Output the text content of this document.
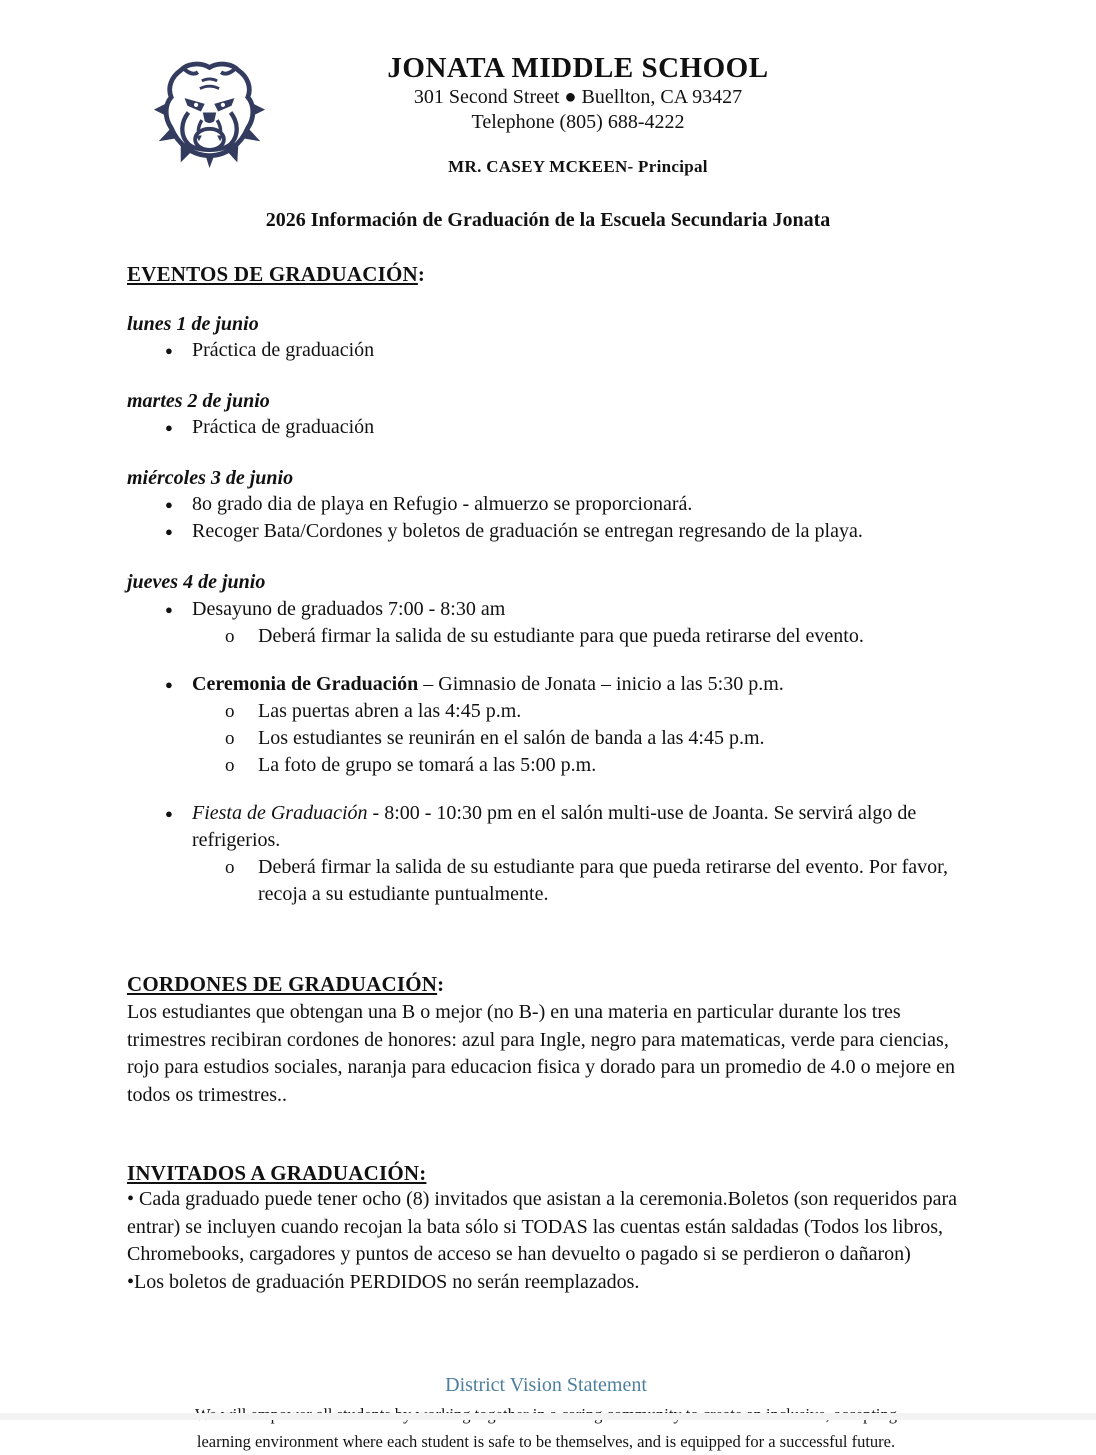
JONATA MIDDLE SCHOOL
301 Second Street ● Buellton, CA 93427
Telephone (805) 688-4222
MR. CASEY MCKEEN- Principal
2026 Información de Graduación de la Escuela Secundaria Jonata
EVENTOS DE GRADUACIÓN:
lunes 1 de junio
● Práctica de graduación
martes 2 de junio
● Práctica de graduación
miércoles 3 de junio
● 8o grado dia de playa en Refugio - almuerzo se proporcionará.
● Recoger Bata/Cordones y boletos de graduación se entregan regresando de la playa.
jueves 4 de junio
● Desayuno de graduados 7:00 - 8:30 am
o	Deberá firmar la salida de su estudiante para que pueda retirarse del evento.
● Ceremonia de Graduación – Gimnasio de Jonata – inicio a las 5:30 p.m.
o	Las puertas abren a las 4:45 p.m.
o	Los estudiantes se reunirán en el salón de banda a las 4:45 p.m.
o	La foto de grupo se tomará a las 5:00 p.m.
● Fiesta de Graduación - 8:00 - 10:30 pm en el salón multi-use de Joanta. Se servirá algo de refrigerios.
o	Deberá firmar la salida de su estudiante para que pueda retirarse del evento. Por favor, recoja a su estudiante puntualmente.
CORDONES DE GRADUACIÓN:
Los estudiantes que obtengan una B o mejor (no B-) en una materia en particular durante los tres trimestres recibiran cordones de honores: azul para Ingle, negro para matematicas, verde para ciencias, rojo para estudios sociales, naranja para educacion fisica y dorado para un promedio de 4.0 o mejore en todos os trimestres..
INVITADOS A GRADUACIÓN:
• Cada graduado puede tener ocho (8) invitados que asistan a la ceremonia.Boletos (son requeridos para entrar) se incluyen cuando recojan la bata sólo si TODAS las cuentas están saldadas (Todos los libros, Chromebooks, cargadores y puntos de acceso se han devuelto o pagado si se perdieron o dañaron)
•Los boletos de graduación PERDIDOS no serán reemplazados.
District Vision Statement
learning environment where each student is safe to be themselves, and is equipped for a successful future.
